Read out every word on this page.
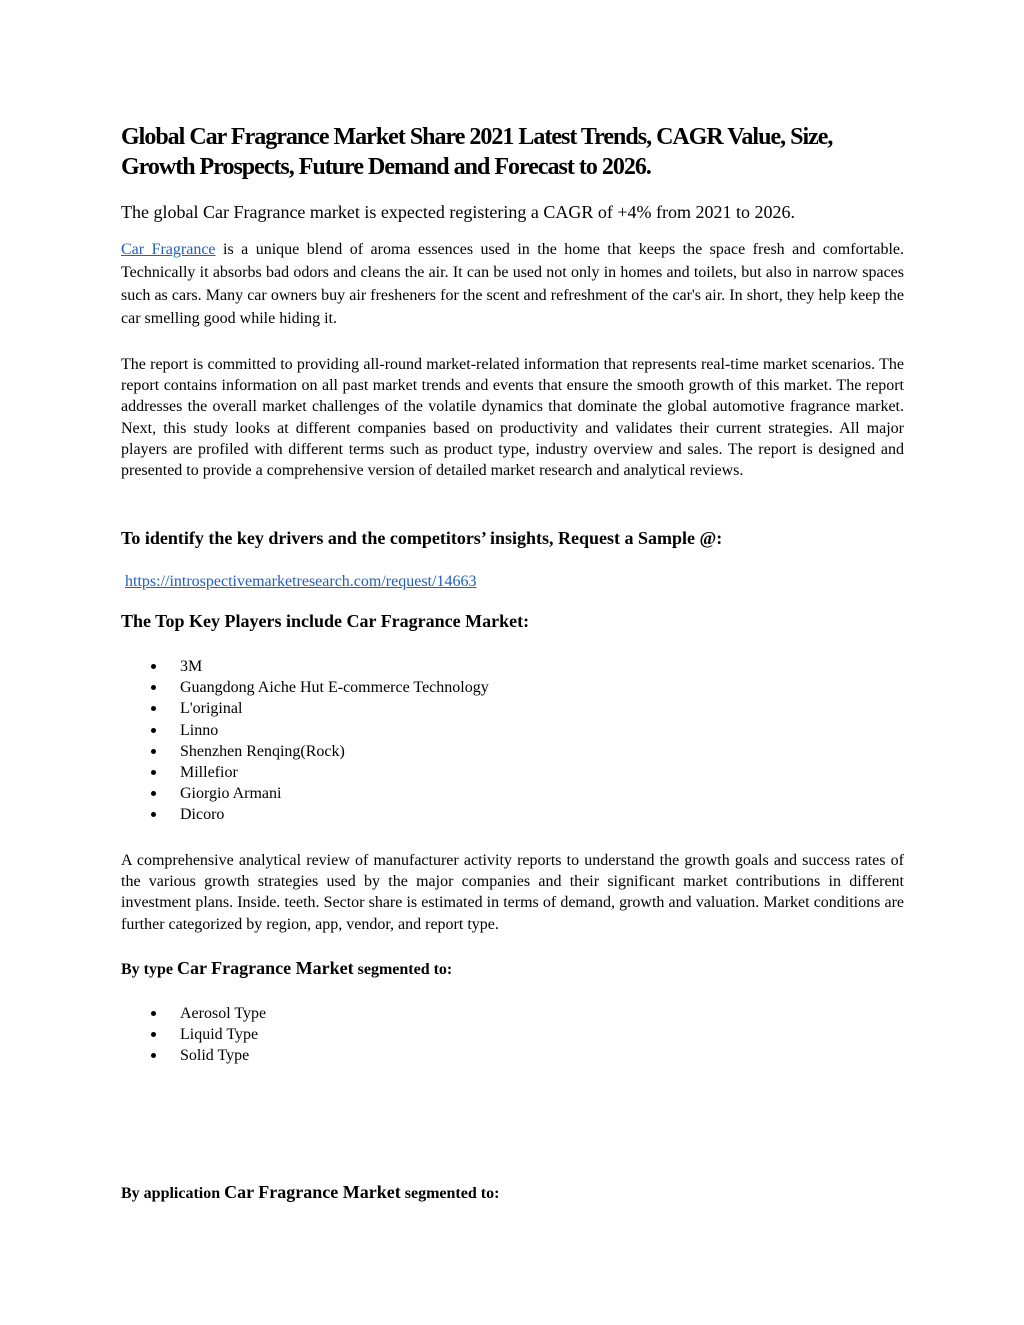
Global Car Fragrance Market Share 2021 Latest Trends, CAGR Value, Size, Growth Prospects, Future Demand and Forecast to 2026.

The global Car Fragrance market is expected registering a CAGR of +4% from 2021 to 2026.

Car Fragrance is a unique blend of aroma essences used in the home that keeps the space fresh and comfortable. Technically it absorbs bad odors and cleans the air. It can be used not only in homes and toilets, but also in narrow spaces such as cars. Many car owners buy air fresheners for the scent and refreshment of the car's air. In short, they help keep the car smelling good while hiding it.

The report is committed to providing all-round market-related information that represents real-time market scenarios. The report contains information on all past market trends and events that ensure the smooth growth of this market. The report addresses the overall market challenges of the volatile dynamics that dominate the global automotive fragrance market. Next, this study looks at different companies based on productivity and validates their current strategies. All major players are profiled with different terms such as product type, industry overview and sales. The report is designed and presented to provide a comprehensive version of detailed market research and analytical reviews.

To identify the key drivers and the competitors’ insights, Request a Sample @:

https://introspectivemarketresearch.com/request/14663

The Top Key Players include Car Fragrance Market:
3M
Guangdong Aiche Hut E-commerce Technology
L'original
Linno
Shenzhen Renqing(Rock)
Millefior
Giorgio Armani
Dicoro

A comprehensive analytical review of manufacturer activity reports to understand the growth goals and success rates of the various growth strategies used by the major companies and their significant market contributions in different investment plans. Inside. teeth. Sector share is estimated in terms of demand, growth and valuation. Market conditions are further categorized by region, app, vendor, and report type.

By type Car Fragrance Market segmented to:
Aerosol Type
Liquid Type
Solid Type
By application Car Fragrance Market segmented to:
